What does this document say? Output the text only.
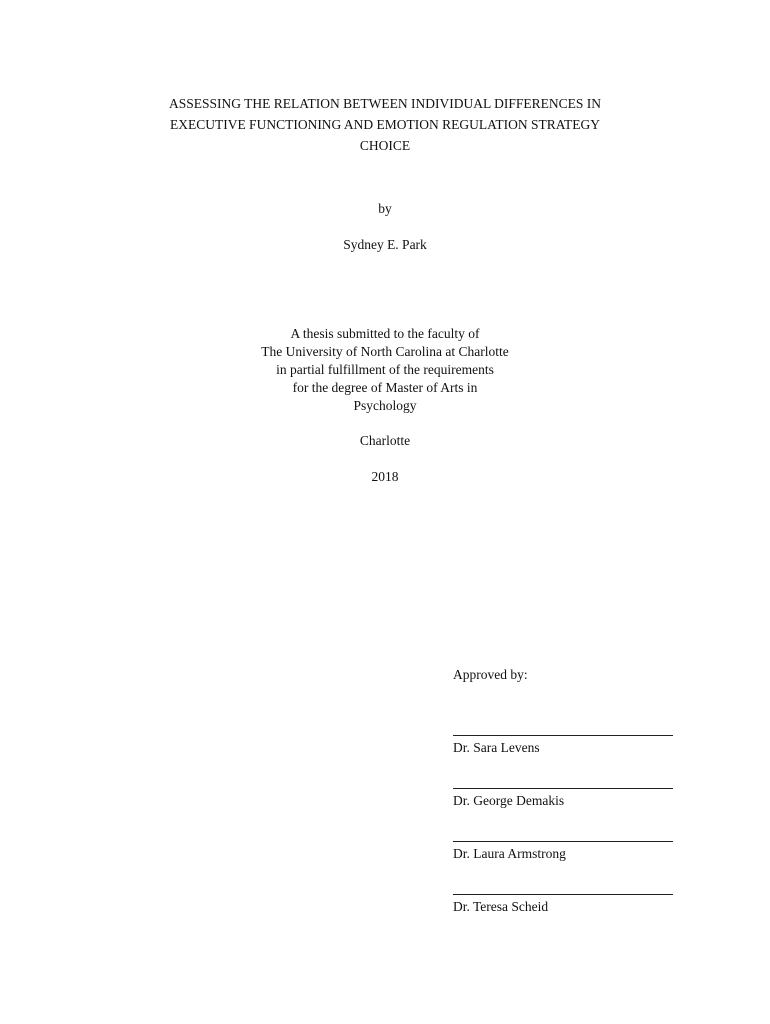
ASSESSING THE RELATION BETWEEN INDIVIDUAL DIFFERENCES IN
EXECUTIVE FUNCTIONING AND EMOTION REGULATION STRATEGY
CHOICE
by
Sydney E. Park
A thesis submitted to the faculty of
The University of North Carolina at Charlotte
in partial fulfillment of the requirements
for the degree of Master of Arts in
Psychology
Charlotte
2018
Approved by:
Dr. Sara Levens
Dr. George Demakis
Dr. Laura Armstrong
Dr. Teresa Scheid
